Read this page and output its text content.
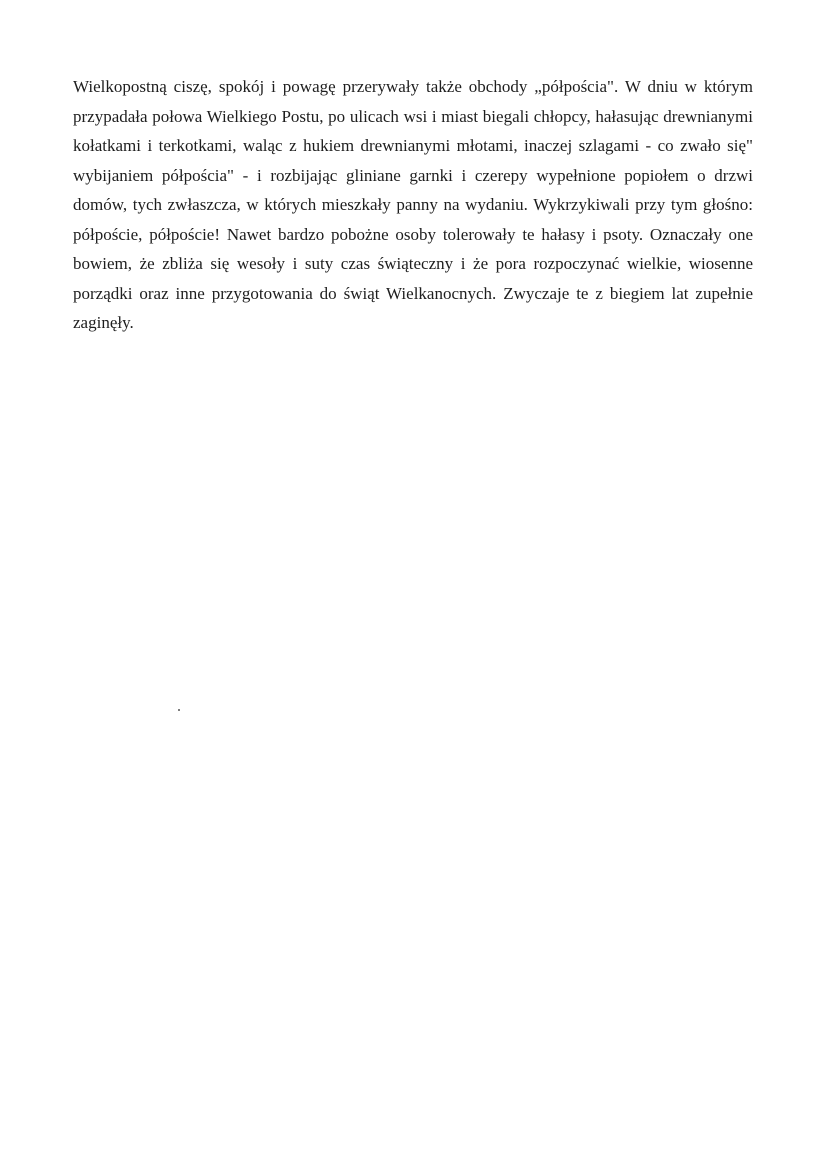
Wielkopostną ciszę, spokój i powagę przerywały także obchody „półpościa". W dniu w którym
przypadała połowa Wielkiego Postu, po ulicach wsi i miast biegali chłopcy, hałasując drewnianymi
kołatkami i terkotkami, waląc z hukiem drewnianymi młotami, inaczej szlagami - co zwało się"
wybijaniem półpościa" - i rozbijając gliniane garnki i czerepy wypełnione popiołem o drzwi
domów, tych zwłaszcza, w których mieszkały panny na wydaniu. Wykrzykiwali przy tym głośno:
półpoście, półpoście! Nawet bardzo pobożne osoby tolerowały te hałasy i psoty. Oznaczały one
bowiem, że zbliża się wesoły i suty czas świąteczny i że pora rozpoczynać wielkie, wiosenne
porządki oraz inne przygotowania do świąt Wielkanocnych. Zwyczaje te z biegiem lat zupełnie
zaginęły.
